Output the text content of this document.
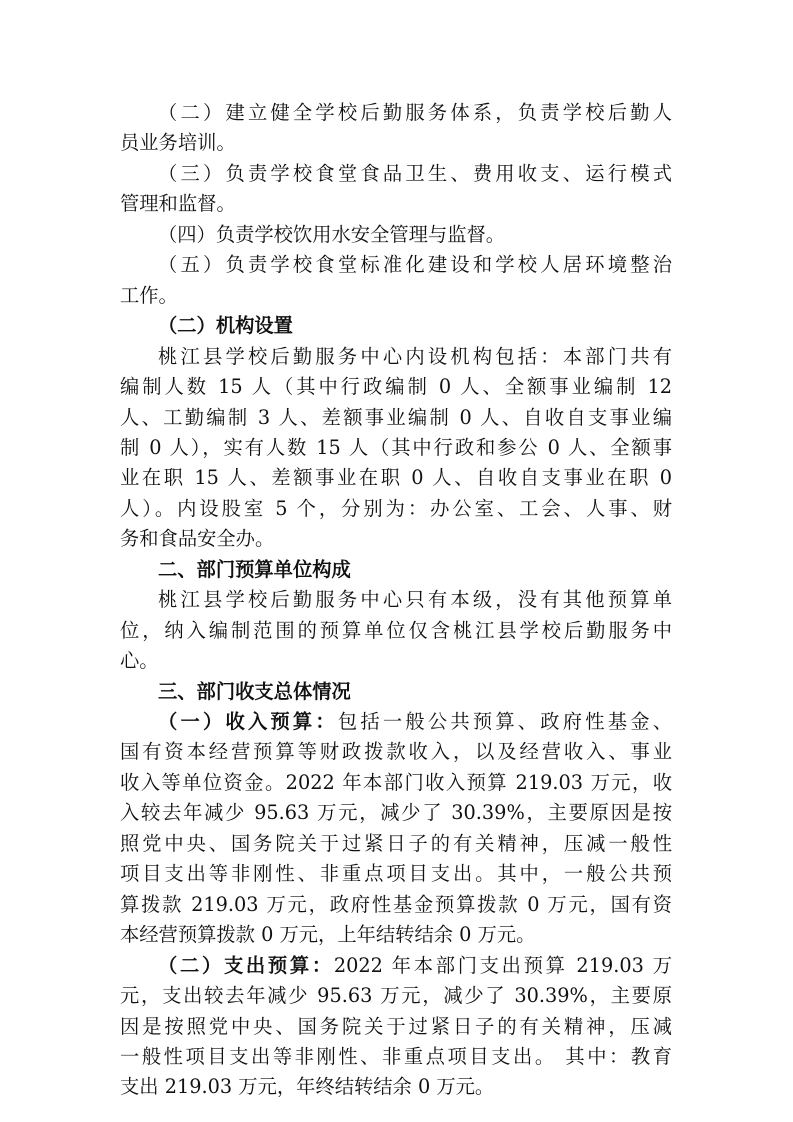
（二）建立健全学校后勤服务体系，负责学校后勤人
员业务培训。
（三）负责学校食堂食品卫生、费用收支、运行模式
管理和监督。
（四）负责学校饮用水安全管理与监督。
（五）负责学校食堂标准化建设和学校人居环境整治
工作。
（二）机构设置
桃江县学校后勤服务中心内设机构包括：本部门共有
编制人数 15 人（其中行政编制 0 人、全额事业编制 12
人、工勤编制 3 人、差额事业编制 0 人、自收自支事业编
制 0 人），实有人数 15 人（其中行政和参公 0 人、全额事
业在职 15 人、差额事业在职 0 人、自收自支事业在职 0
人）。内设股室 5 个，分别为：办公室、工会、人事、财
务和食品安全办。
二、部门预算单位构成
桃江县学校后勤服务中心只有本级，没有其他预算单
位，纳入编制范围的预算单位仅含桃江县学校后勤服务中
心。
三、部门收支总体情况
（一）收入预算：包括一般公共预算、政府性基金、
国有资本经营预算等财政拨款收入，以及经营收入、事业
收入等单位资金。2022 年本部门收入预算 219.03 万元，收
入较去年减少 95.63 万元，减少了 30.39%，主要原因是按
照党中央、国务院关于过紧日子的有关精神，压减一般性
项目支出等非刚性、非重点项目支出。其中，一般公共预
算拨款 219.03 万元，政府性基金预算拨款 0 万元，国有资
本经营预算拨款 0 万元，上年结转结余 0 万元。
（二）支出预算：2022 年本部门支出预算 219.03 万
元，支出较去年减少 95.63 万元，减少了 30.39%，主要原
因是按照党中央、国务院关于过紧日子的有关精神，压减
一般性项目支出等非刚性、非重点项目支出。 其中：教育
支出 219.03 万元，年终结转结余 0 万元。
